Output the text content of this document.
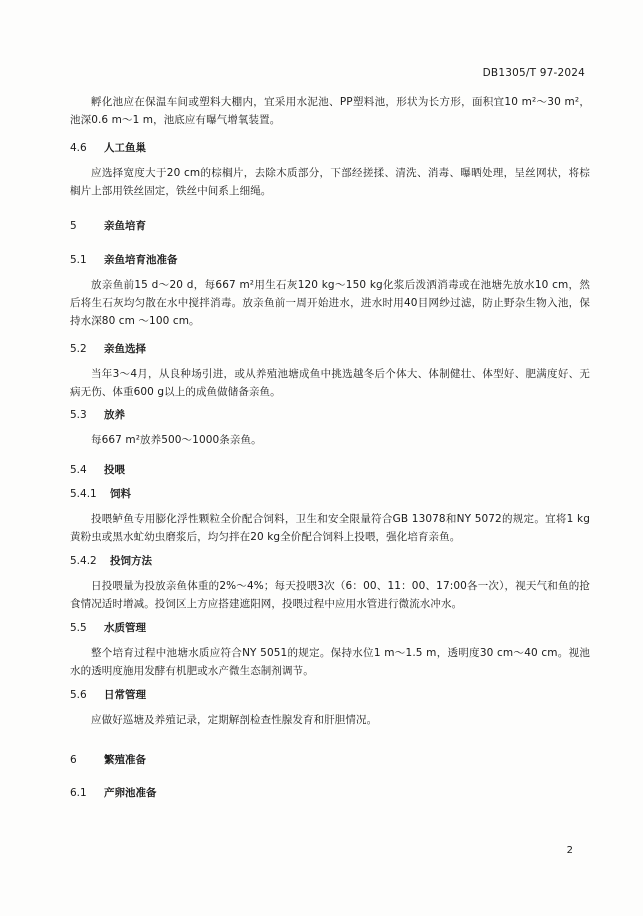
DB1305/T 97-2024
孵化池应在保温车间或塑料大棚内，宜采用水泥池、PP塑料池，形状为长方形，面积宜10 m²～30 m²，池深0.6 m～1 m，池底应有曝气增氧装置。
4.6 人工鱼巢
应选择宽度大于20 cm的棕榈片，去除木质部分，下部经搓揉、清洗、消毒、曝晒处理，呈丝网状，将棕榈片上部用铁丝固定，铁丝中间系上细绳。
5	亲鱼培育
5.1 亲鱼培育池准备
放亲鱼前15 d～20 d，每667 m²用生石灰120 kg～150 kg化浆后泼洒消毒或在池塘先放水10 cm，然后将生石灰均匀散在水中搅拌消毒。放亲鱼前一周开始进水，进水时用40目网纱过滤，防止野杂生物入池，保持水深80 cm ～100 cm。
5.2 亲鱼选择
当年3～4月，从良种场引进，或从养殖池塘成鱼中挑选越冬后个体大、体制健壮、体型好、肥满度好、无病无伤、体重600 g以上的成鱼做储备亲鱼。
5.3 放养
每667 m²放养500～1000条亲鱼。
5.4 投喂
5.4.1 饲料
投喂鲈鱼专用膨化浮性颗粒全价配合饲料，卫生和安全限量符合GB 13078和NY 5072的规定。宜将1 kg黄粉虫或黑水虻幼虫磨浆后，均匀拌在20 kg全价配合饲料上投喂，强化培育亲鱼。
5.4.2 投饲方法
日投喂量为投放亲鱼体重的2%～4%；每天投喂3次（6：00、11：00、17:00各一次），视天气和鱼的抢食情况适时增减。投饲区上方应搭建遮阳网，投喂过程中应用水管进行微流水冲水。
5.5 水质管理
整个培育过程中池塘水质应符合NY 5051的规定。保持水位1 m～1.5 m，透明度30 cm～40 cm。视池水的透明度施用发酵有机肥或水产微生态制剂调节。
5.6 日常管理
应做好巡塘及养殖记录，定期解剖检查性腺发育和肝胆情况。
6	繁殖准备
6.1 产卵池准备
2
